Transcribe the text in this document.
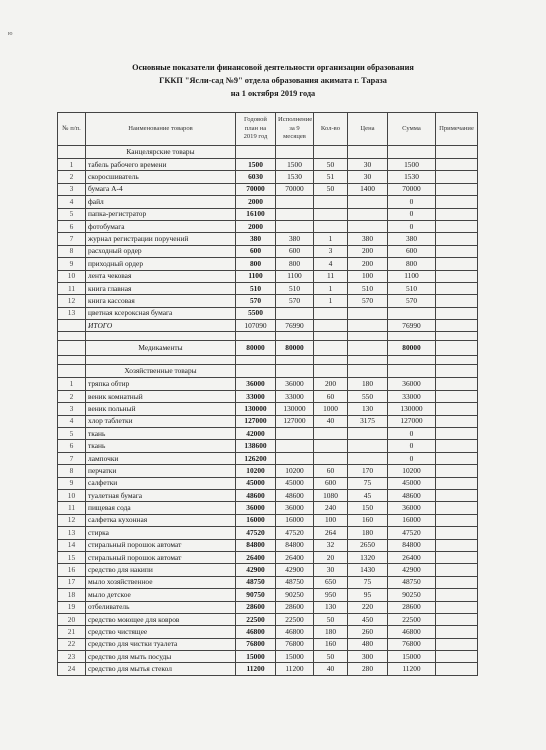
ю
Основные показатели финансовой деятельности организации образования
ГККП "Ясли-сад №9" отдела образования акимата г. Тараза
на 1 октября 2019 года
№ п/п.	Наименование товаров	Годовой план на 2019 год	Исполнение за 9 месяцев	Кол-во	Цена	Сумма	Примечание
	Канцелярские товары						
1	табель рабочего времени	1500	1500	50	30	1500	
2	скоросшиватель	6030	1530	51	30	1530	
3	бумага А-4	70000	70000	50	1400	70000	
4	файл	2000				0	
5	папка-регистратор	16100				0	
6	фотобумага	2000				0	
7	журнал регистрации поручений	380	380	1	380	380	
8	расходный ордер	600	600	3	200	600	
9	приходный ордер	800	800	4	200	800	
10	лента чековая	1100	1100	11	100	1100	
11	книга главная	510	510	1	510	510	
12	книга кассовая	570	570	1	570	570	
13	цветная ксероксная бумага	5500					
	ИТОГО	107090	76990			76990	

	Медикаменты	80000	80000			80000	

	Хозяйственные товары						
1	тряпка обтир	36000	36000	200	180	36000	
2	веник комнатный	33000	33000	60	550	33000	
3	веник польный	130000	130000	1000	130	130000	
4	хлор таблетки	127000	127000	40	3175	127000	
5	ткань	42000				0	
6	ткань	138600				0	
7	лампочки	126200				0	
8	перчатки	10200	10200	60	170	10200	
9	салфетки	45000	45000	600	75	45000	
10	туалетная бумага	48600	48600	1080	45	48600	
11	пищевая сода	36000	36000	240	150	36000	
12	салфетка кухонная	16000	16000	100	160	16000	
13	стирка	47520	47520	264	180	47520	
14	стиральный порошок автомат	84800	84800	32	2650	84800	
15	стиральный порошок автомат	26400	26400	20	1320	26400	
16	средство для накипи	42900	42900	30	1430	42900	
17	мыло хозяйственное	48750	48750	650	75	48750	
18	мыло детское	90750	90250	950	95	90250	
19	отбеливатель	28600	28600	130	220	28600	
20	средство моющее для ковров	22500	22500	50	450	22500	
21	средство чистящее	46800	46800	180	260	46800	
22	средство для чистки туалета	76800	76800	160	480	76800	
23	средство для мыть посуды	15000	15000	50	300	15000	
24	средство для мытья стекол	11200	11200	40	280	11200	
